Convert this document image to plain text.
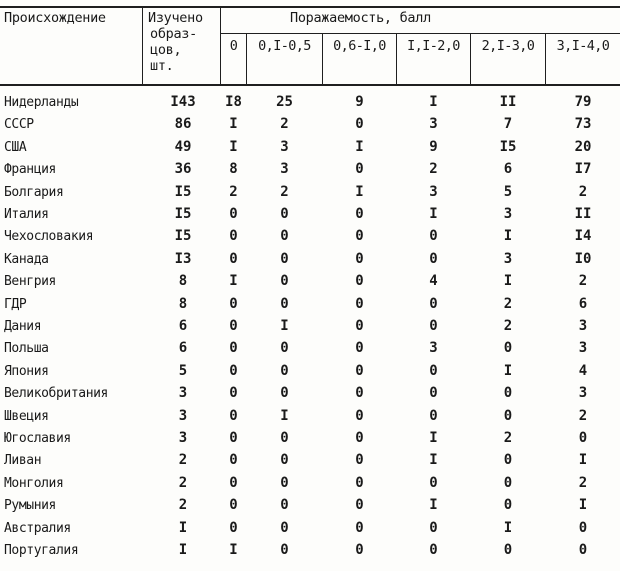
Происхождение	Изучено
образ-
цов,
шт.
Поражаемость, балл
0	0,I-0,5	0,6-I,0	I,I-2,0	2,I-3,0	3,I-4,0
Нидерланды	I43	I8	25	9	I	II	79
СССР	86	I	2	0	3	7	73
США	49	I	3	I	9	I5	20
Франция	36	8	3	0	2	6	I7
Болгария	I5	2	2	I	3	5	2
Италия	I5	0	0	0	I	3	II
Чехословакия	I5	0	0	0	0	I	I4
Канада	I3	0	0	0	0	3	I0
Венгрия	8	I	0	0	4	I	2
ГДР	8	0	0	0	0	2	6
Дания	6	0	I	0	0	2	3
Польша	6	0	0	0	3	0	3
Япония	5	0	0	0	0	I	4
Великобритания	3	0	0	0	0	0	3
Швеция	3	0	I	0	0	0	2
Югославия	3	0	0	0	I	2	0
Ливан	2	0	0	0	I	0	I
Монголия	2	0	0	0	0	0	2
Румыния	2	0	0	0	I	0	I
Австралия	I	0	0	0	0	I	0
Португалия	I	I	0	0	0	0	0
